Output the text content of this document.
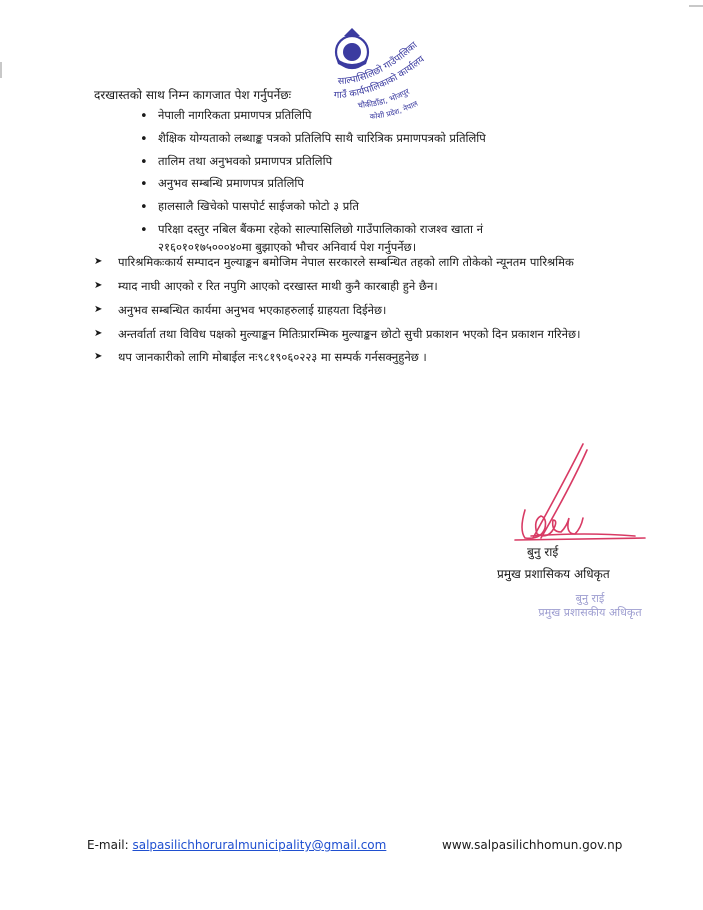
साल्पासिलिछो गाउँपालिका
गाउँ कार्यपालिकाको कार्यालय
चौकीडाँडा, भोजपुर
कोशी प्रदेश, नेपाल
दरखास्तको साथ निम्न कागजात पेश गर्नुपर्नेछः
• नेपाली नागरिकता प्रमाणपत्र प्रतिलिपि
• शैक्षिक योग्यताको लब्धाङ्क पत्रको प्रतिलिपि साथै चारित्रिक प्रमाणपत्रको प्रतिलिपि
• तालिम तथा अनुभवको प्रमाणपत्र प्रतिलिपि
• अनुभव सम्बन्धि प्रमाणपत्र प्रतिलिपि
• हालसालै खिचेको पासपोर्ट साईजको फोटो ३ प्रति
• परिक्षा दस्तुर नबिल बैंकमा रहेको साल्पासिलिछो गाउँपालिकाको राजश्व खाता नं २१६०१०१७५०००४०मा बुझाएको भौचर अनिवार्य पेश गर्नुपर्नेछ।
➤ पारिश्रमिकःकार्य सम्पादन मुल्याङ्कन बमोजिम नेपाल सरकारले सम्बन्धित तहको लागि तोकेको न्यूनतम पारिश्रमिक
➤ म्याद नाघी आएको र रित नपुगि आएको दरखास्त माथी कुनै कारबाही हुने छैन।
➤ अनुभव सम्बन्धित कार्यमा अनुभव भएकाहरुलाई ग्राहयता दिईनेछ।
➤ अन्तर्वार्ता तथा विविध पक्षको मुल्याङ्कन मितिःप्रारम्भिक मुल्याङ्कन छोटो सुची प्रकाशन भएको दिन प्रकाशन गरिनेछ।
➤ थप जानकारीको लागि मोबाईल नः९८१९०६०२२३ मा सम्पर्क गर्नसक्नुहुनेछ ।
बुनु राई
प्रमुख प्रशासिकय अधिकृत
बुनु राई
प्रमुख प्रशासकीय अधिकृत
E-mail: salpasilichhoruralmunicipality@gmail.com	www.salpasilichhomun.gov.np
